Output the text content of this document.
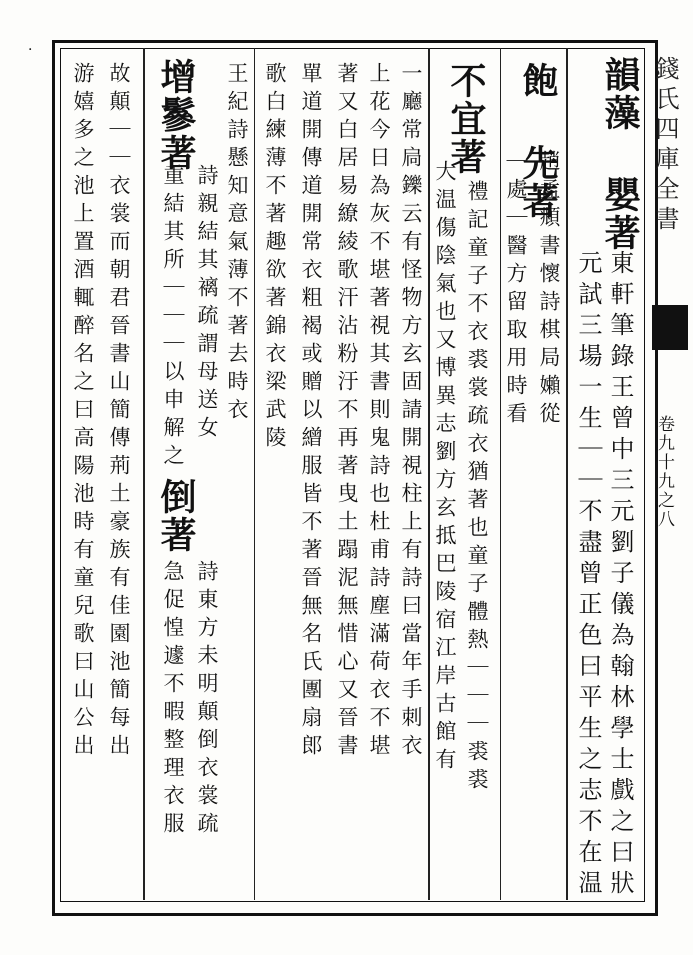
·
錢氏四庫全書
卷九十九之八
韻藻 嬰著
東軒筆錄王曾中三元劉子儀為翰林學士戲之曰狀
元試三場一生｜｜不盡曾正色曰平生之志不在温
飽 先著
趙孟頫書懷詩棋局嬾從
｜處｜醫方留取用時看
不宜著
禮記童子不衣裘裳疏衣猶著也童子體熱｜｜｜裘裘
大温傷陰氣也又博異志劉方玄抵巴陵宿江岸古館有
一廳常扃鑠云有怪物方玄固請開視柱上有詩曰當年手刺衣
上花今日為灰不堪著視其書則鬼詩也杜甫詩塵滿荷衣不堪
著又白居易繚綾歌汗沾粉汙不再著曳土蹋泥無惜心又晉書
單道開傳道開常衣粗褐或贈以繒服皆不著晉無名氏團扇郎
歌白練薄不著趣欲著錦衣梁武陵
王紀詩懸知意氣薄不著去時衣
增鬖著
詩親結其褵疏謂母送女
重結其所｜｜｜以申解之
倒著
詩東方未明顛倒衣裳疏
急促惶遽不暇整理衣服
故顛｜｜衣裳而朝君晉書山簡傳荊土豪族有佳園池簡每出
游嬉多之池上置酒輒醉名之曰高陽池時有童兒歌曰山公出
